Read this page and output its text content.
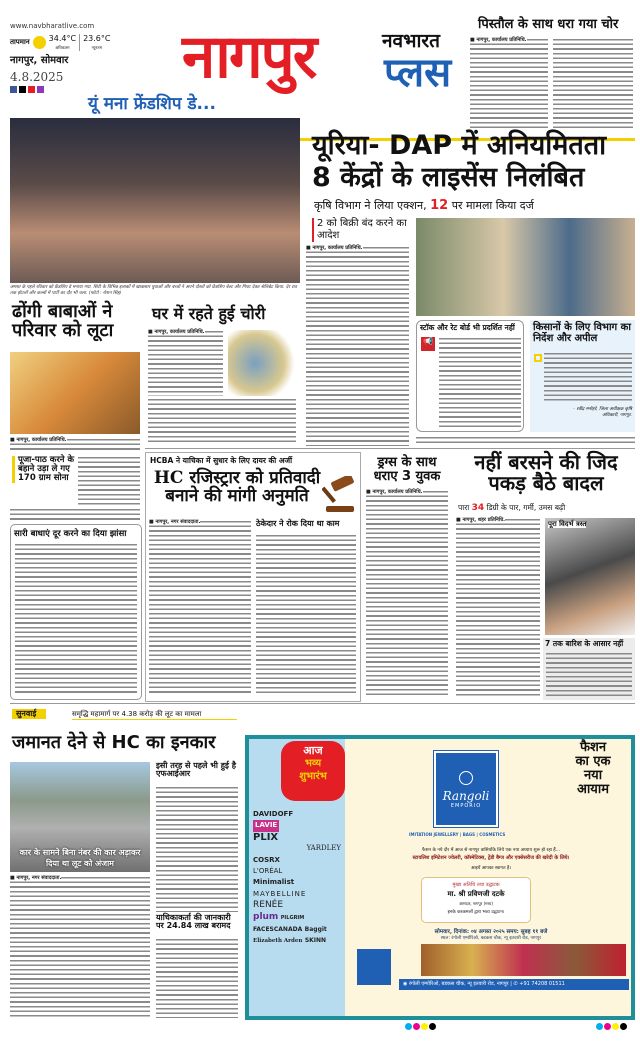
www.navbharatlive.com
तापमान 34.4°C
अधिकतम
23.6°C
न्यूनतम
नागपुर, सोमवार
4.8.2025 नागपुर	नवभारत
प्लस
पिस्तौल के साथ धरा गया चोर
■ नागपुर, कार्यालय प्रतिनिधि.
यूं मना फ्रेंडशिप डे...
अगस्त के पहले रविवार को फ्रेंडशिप डे मनाया गया. सिटी के विभिन्न इलाकों में खाकसार युवाओं और बच्चों ने अपने दोस्तों को फ्रेंडशिप बेल्ट और गिफ्ट देकर सेलिब्रेट किया. देर रात तक होटलों और कल्बों में पार्टी का दौर भी चला. (फोटो : रोशन सिंह)
यूरिया- DAP में अनियमितता
8 केंद्रों के लाइसेंस निलंबित
कृषि विभाग ने लिया एक्शन, 12 पर मामला किया दर्ज
2 को बिक्री बंद करने का आदेश
■ नागपुर, कार्यालय प्रतिनिधि.
स्टॉक और रेट बोर्ड भी प्रदर्शित नहीं
📢
किसानों के लिए विभाग का निर्देश और अपील
- रवींद्र मनोहरे, जिला अधीक्षक कृषि अधिकारी, नागपुर.
ढोंगी बाबाओं ने परिवार को लूटा
■ नागपुर, कार्यालय प्रतिनिधि.
पूजा-पाठ करने के बहाने उड़ा ले गए 170 ग्राम सोना
सारी बाधाएं दूर करने का दिया झांसा
घर में रहते हुई चोरी
■ नागपुर, कार्यालय प्रतिनिधि.
HCBA ने याचिका में सुधार के लिए दायर की अर्जी
HC रजिस्ट्रार को प्रतिवादी बनाने की मांगी अनुमति
■ नागपुर, नगर संवाददाता.	ठेकेदार ने रोक दिया था काम
ड्रग्स के साथ धराए 3 युवक
■ नागपुर, कार्यालय प्रतिनिधि.
नहीं बरसने की जिद पकड़ बैठे बादल
पारा 34 डिग्री के पार, गर्मी, उमस बढ़ी
■ नागपुर, शहर प्रतिनिधि.	पूरा विदर्भ त्रस्त
7 तक बारिश के आसार नहीं
सुनवाई	समृद्धि महामार्ग पर 4.38 करोड़ की लूट का मामला
जमानत देने से HC का इनकार
कार के सामने बिना नंबर की कार अड़ाकर दिया था लूट को अंजाम
इसी तरह से पहले भी हुई है एफआईआर
याचिकाकर्ता की जानकारी पर 24.84 लाख बरामद
■ नागपुर, नगर संवाददाता.
DAVIDOFF
LAVIE
PLIX
YARDLEY
COSRX
L'ORÉAL
Minimalist
MAYBELLINE
RENÉE
plum PILGRIM
FACESCANADA Baggit
Elizabeth Arden SKINN
आज
भव्य
शुभारंभ
Rangoli
EMPORIO
IMITATION JEWELLERY | BAGS | COSMETICS
फैशन
का एक
नया
आयाम
फैशन के नये दौर में आज से नागपुर वासियोंके लिये एक नया अध्याय शुरू हो रहा हैं...
स्टायलिश इमिटेशन ज्वेलरी, कॉस्मेटिक्स, ट्रेंडी बैग्ज और एक्सेसरीज की खरेदी के लिये।
आइयें आपका स्वागत है।
मुख्य अतिथि तथा उद्घाटक
मा. श्री प्रविणजी दटके
आमदार, नागपुर (मध्य)
इनके करकमलों द्वारा भव्य उद्घाटन।
सोमवार, दिनांक: ०४ अगस्त २०२५ समय: सुबह ११ बजे
स्थल: रंगोली एम्पोरिओ, बडकस चौक, न्यू इतवारी रोड, नागपुर
◉ रंगोली एम्पोरिओ, बडकस चौक, न्यू इतवारी रोड, नागपुर | ✆ +91 74208 01511
